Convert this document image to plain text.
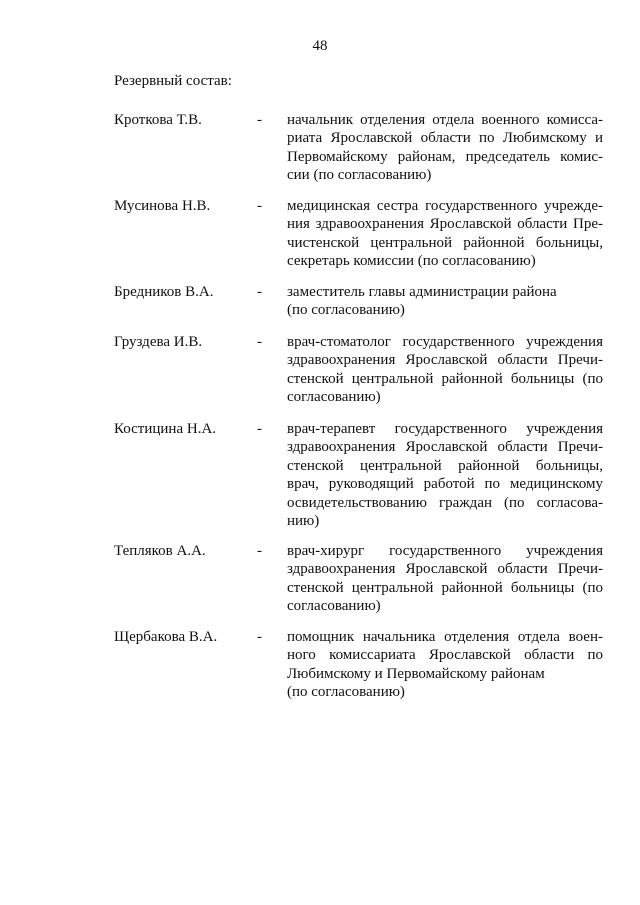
48
Резервный состав:
Кроткова Т.В.	- начальник отделения отдела военного комисса-
риата Ярославской области по Любимскому и
Первомайскому районам, председатель комис-
сии (по согласованию)
Мусинова Н.В.	- медицинская сестра государственного учрежде-
ния здравоохранения Ярославской области Пре-
чистенской центральной районной больницы,
секретарь комиссии (по согласованию)
Бредников В.А.	- заместитель главы администрации района
(по согласованию)
Груздева И.В.	- врач-стоматолог государственного учреждения
здравоохранения Ярославской области Пречи-
стенской центральной районной больницы (по
согласованию)
Костицина Н.А.	- врач-терапевт государственного учреждения
здравоохранения Ярославской области Пречи-
стенской центральной районной больницы,
врач, руководящий работой по медицинскому
освидетельствованию граждан (по согласова-
нию)
Тепляков А.А.	- врач-хирург государственного учреждения
здравоохранения Ярославской области Пречи-
стенской центральной районной больницы (по
согласованию)
Щербакова В.А.	- помощник начальника отделения отдела воен-
ного комиссариата Ярославской области по
Любимскому и Первомайскому районам
(по согласованию)
